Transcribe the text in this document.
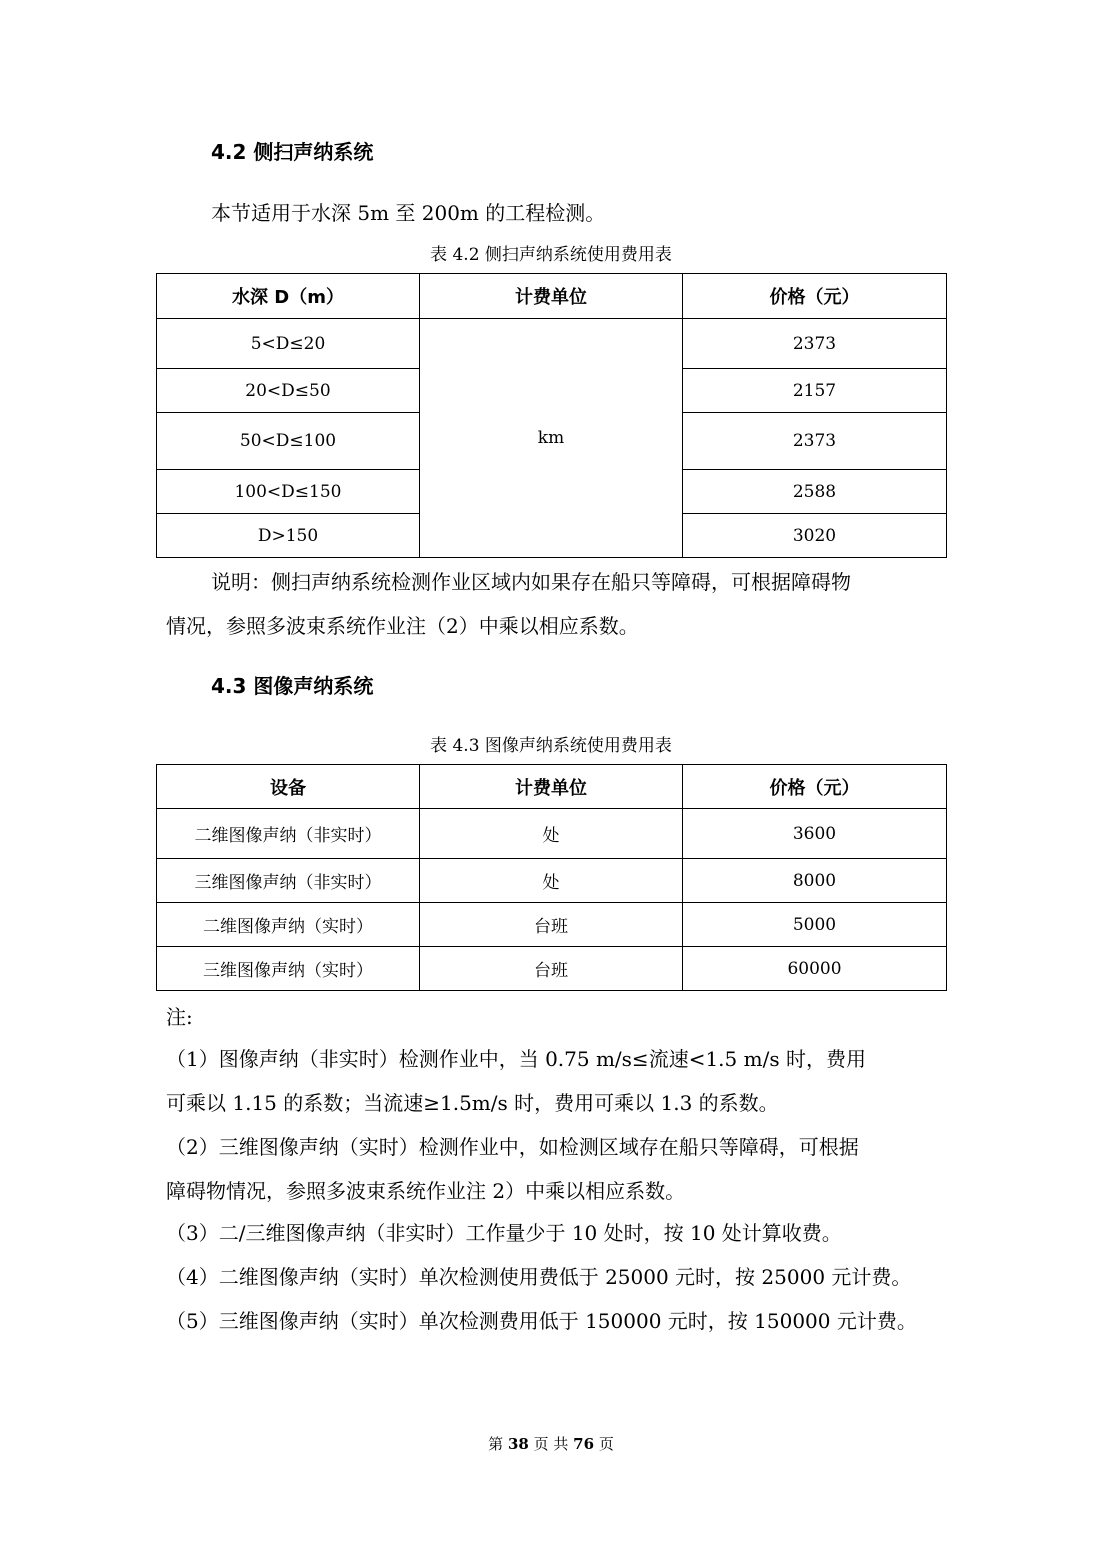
4.2 侧扫声纳系统
本节适用于水深 5m 至 200m 的工程检测。
表 4.2 侧扫声纳系统使用费用表
水深 D（m）	计费单位	价格（元）
5<D≤20	km	2373
20<D≤50		2157
50<D≤100		2373
100<D≤150		2588
D>150		3020
说明：侧扫声纳系统检测作业区域内如果存在船只等障碍，可根据障碍物
情况，参照多波束系统作业注（2）中乘以相应系数。
4.3 图像声纳系统
表 4.3 图像声纳系统使用费用表
设备	计费单位	价格（元）
二维图像声纳（非实时）	处	3600
三维图像声纳（非实时）	处	8000
二维图像声纳（实时）	台班	5000
三维图像声纳（实时）	台班	60000
注:
（1）图像声纳（非实时）检测作业中，当 0.75 m/s≤流速<1.5 m/s 时，费用
可乘以 1.15 的系数；当流速≥1.5m/s 时，费用可乘以 1.3 的系数。
（2）三维图像声纳（实时）检测作业中，如检测区域存在船只等障碍，可根据
障碍物情况，参照多波束系统作业注 2）中乘以相应系数。
（3）二/三维图像声纳（非实时）工作量少于 10 处时，按 10 处计算收费。
（4）二维图像声纳（实时）单次检测使用费低于 25000 元时，按 25000 元计费。
（5）三维图像声纳（实时）单次检测费用低于 150000 元时，按 150000 元计费。
第 38 页 共 76 页
